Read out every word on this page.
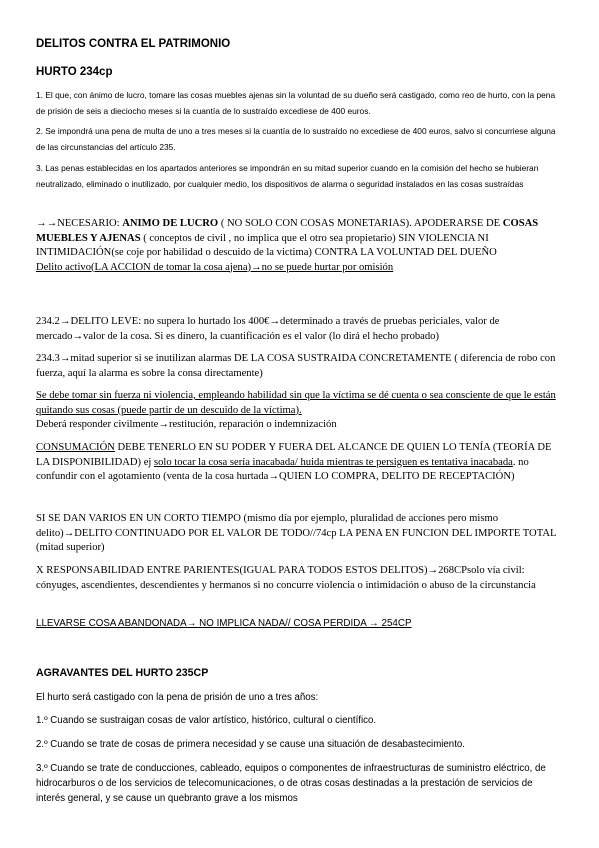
DELITOS CONTRA EL PATRIMONIO
HURTO 234cp

1. El que, con ánimo de lucro, tomare las cosas muebles ajenas sin la voluntad de su dueño será castigado, como reo de hurto, con la pena de prisión de seis a dieciocho meses si la cuantía de lo sustraído excediese de 400 euros.

2. Se impondrá una pena de multa de uno a tres meses si la cuantía de lo sustraído no excediese de 400 euros, salvo si concurriese alguna de las circunstancias del artículo 235.

3. Las penas establecidas en los apartados anteriores se impondrán en su mitad superior cuando en la comisión del hecho se hubieran neutralizado, eliminado o inutilizado, por cualquier medio, los dispositivos de alarma o seguridad instalados en las cosas sustraídas

→→NECESARIO: ANIMO DE LUCRO ( NO SOLO CON COSAS MONETARIAS). APODERARSE DE COSAS MUEBLES Y AJENAS ( conceptos de civil , no implica que el otro sea propietario) SIN VIOLENCIA NI INTIMIDACIÓN(se coje por habilidad o descuido de la victima) CONTRA LA VOLUNTAD DEL DUEÑO
Delito activo(LA ACCION de tomar la cosa ajena)→no se puede hurtar por omisión

234.2→DELITO LEVE: no supera lo hurtado los 400€→determinado a través de pruebas periciales, valor de mercado→valor de la cosa. Si es dinero, la cuantificación es el valor (lo dirá el hecho probado)

234.3→mitad superior si se inutilizan alarmas DE LA COSA SUSTRAIDA CONCRETAMENTE ( diferencia de robo con fuerza, aquí la alarma es sobre la consa directamente)

Se debe tomar sin fuerza ni violencia, empleando habilidad sin que la víctima se dé cuenta o sea consciente de que le están quitando sus cosas (puede partir de un descuido de la víctima).
Deberá responder civilmente→restitución, reparación o indemnización

CONSUMACIÓN DEBE TENERLO EN SU PODER Y FUERA DEL ALCANCE DE QUIEN LO TENÍA (TEORÍA DE LA DISPONIBILIDAD) ej solo tocar la cosa sería inacabada/ huida mientras te persiguen es tentativa inacabada. no confundir con el agotamiento (venta de la cosa hurtada→QUIEN LO COMPRA, DELITO DE RECEPTACIÓN)

SI SE DAN VARIOS EN UN CORTO TIEMPO (mismo día por ejemplo, pluralidad de acciones pero mismo delito)→DELITO CONTINUADO POR EL VALOR DE TODO//74cp LA PENA EN FUNCION DEL IMPORTE TOTAL (mitad superior)

X RESPONSABILIDAD ENTRE PARIENTES(IGUAL PARA TODOS ESTOS DELITOS)→268CPsolo vía civil: cónyuges, ascendientes, descendientes y hermanos si no concurre violencia o intimidación o abuso de la circunstancia

LLEVARSE COSA ABANDONADA→ NO IMPLICA NADA// COSA PERDIDA → 254CP

AGRAVANTES DEL HURTO 235CP

El hurto será castigado con la pena de prisión de uno a tres años:

1.º Cuando se sustraigan cosas de valor artístico, histórico, cultural o científico.

2.º Cuando se trate de cosas de primera necesidad y se cause una situación de desabastecimiento.

3.º Cuando se trate de conducciones, cableado, equipos o componentes de infraestructuras de suministro eléctrico, de hidrocarburos o de los servicios de telecomunicaciones, o de otras cosas destinadas a la prestación de servicios de interés general, y se cause un quebranto grave a los mismos
